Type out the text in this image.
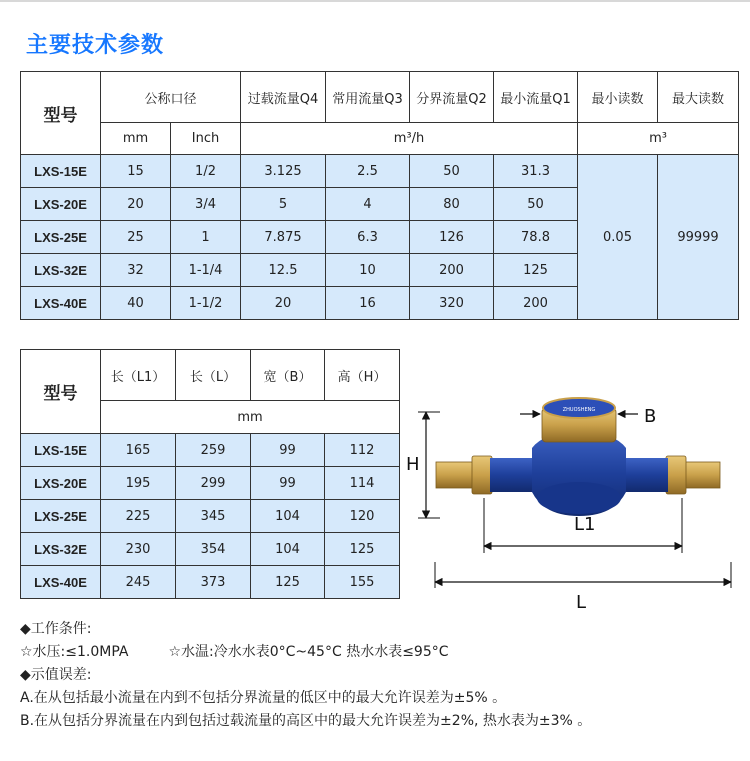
主要技术参数
型号	公称口径		过载流量Q4	常用流量Q3	分界流量Q2	最小流量Q1	最小读数	最大读数
	mm	Inch	m³/h				m³	
LXS-15E	15	1/2	3.125	2.5	50	31.3	0.05	99999
LXS-20E	20	3/4	5	4	80	50		
LXS-25E	25	1	7.875	6.3	126	78.8		
LXS-32E	32	1-1/4	12.5	10	200	125		
LXS-40E	40	1-1/2	20	16	320	200		
型号	长（L1）	长（L）	宽（B）	高（H）
	mm			
LXS-15E	165	259	99	112
LXS-20E	195	299	99	114
LXS-25E	225	345	104	120
LXS-32E	230	354	104	125
LXS-40E	245	373	125	155
ZHUOSHENG	B
H
L1
L
◆工作条件:
☆水压:≤1.0MPA	☆水温:冷水水表0°C~45°C 热水水表≤95°C
◆示值误差:
A.在从包括最小流量在内到不包括分界流量的低区中的最大允许误差为±5% 。
B.在从包括分界流量在内到包括过载流量的高区中的最大允许误差为±2%, 热水表为±3% 。
